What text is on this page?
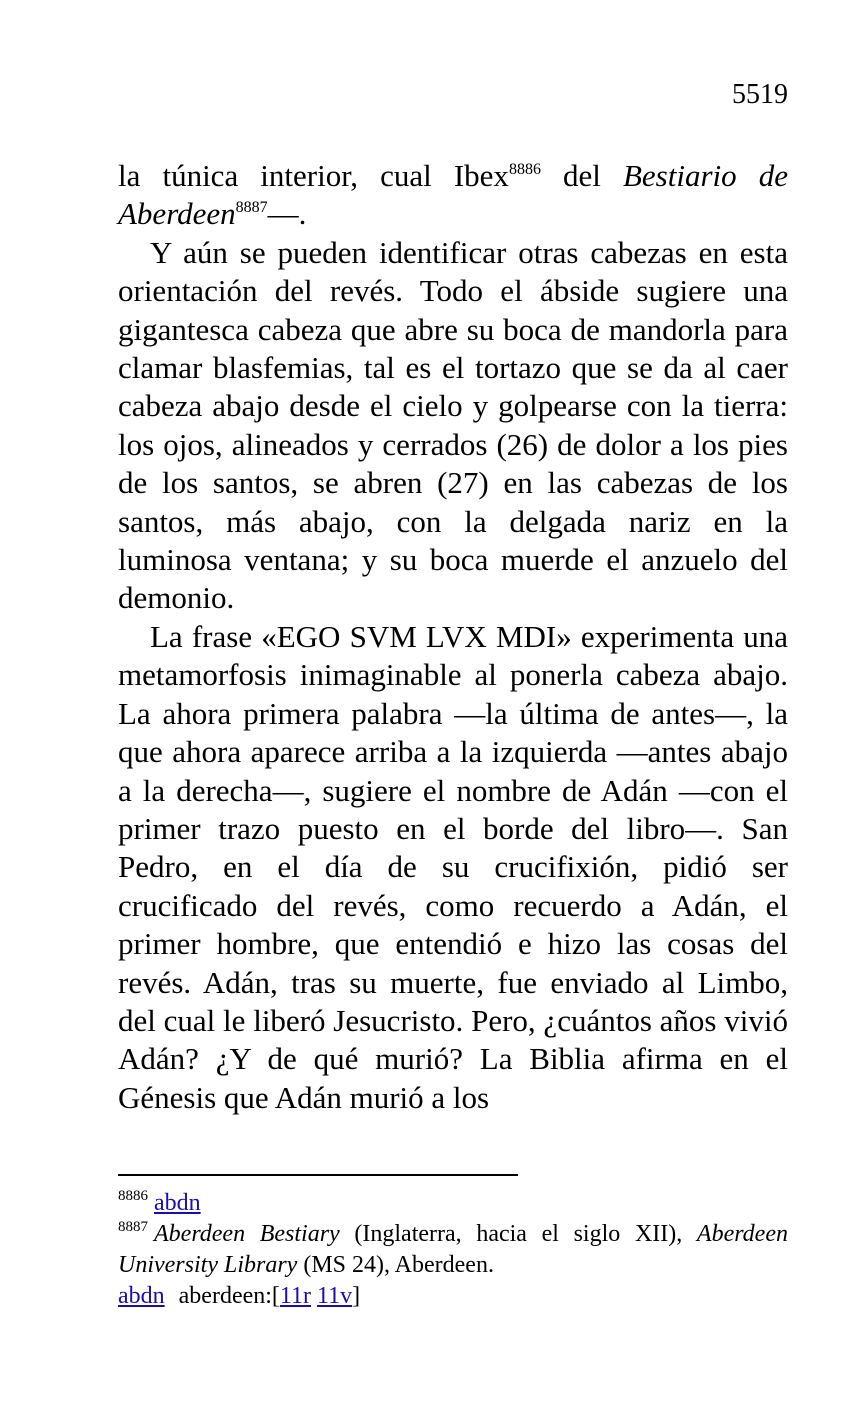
5519

la túnica interior, cual Ibex$^{8886}$ del Bestiario de Aberdeen$^{8887}$—.

Y aún se pueden identificar otras cabezas en esta orientación del revés. Todo el ábside sugiere una gigantesca cabeza que abre su boca de mandorla para clamar blasfemias, tal es el tortazo que se da al caer cabeza abajo desde el cielo y golpearse con la tierra: los ojos, alineados y cerrados (26) de dolor a los pies de los santos, se abren (27) en las cabezas de los santos, más abajo, con la delgada nariz en la luminosa ventana; y su boca muerde el anzuelo del demonio.

La frase «EGO SVM LVX MDI» experimenta una metamorfosis inimaginable al ponerla cabeza abajo. La ahora primera palabra —la última de antes—, la que ahora aparece arriba a la izquierda —antes abajo a la derecha—, sugiere el nombre de Adán —con el primer trazo puesto en el borde del libro—. San Pedro, en el día de su crucifixión, pidió ser crucificado del revés, como recuerdo a Adán, el primer hombre, que entendió e hizo las cosas del revés. Adán, tras su muerte, fue enviado al Limbo, del cual le liberó Jesucristo. Pero, ¿cuántos años vivió Adán? ¿Y de qué murió? La Biblia afirma en el Génesis que Adán murió a los

$^{8886}$ abdn

$^{8887}$ Aberdeen Bestiary (Inglaterra, hacia el siglo XII), Aberdeen University Library (MS 24), Aberdeen.

abdn aberdeen:[11r 11v]
